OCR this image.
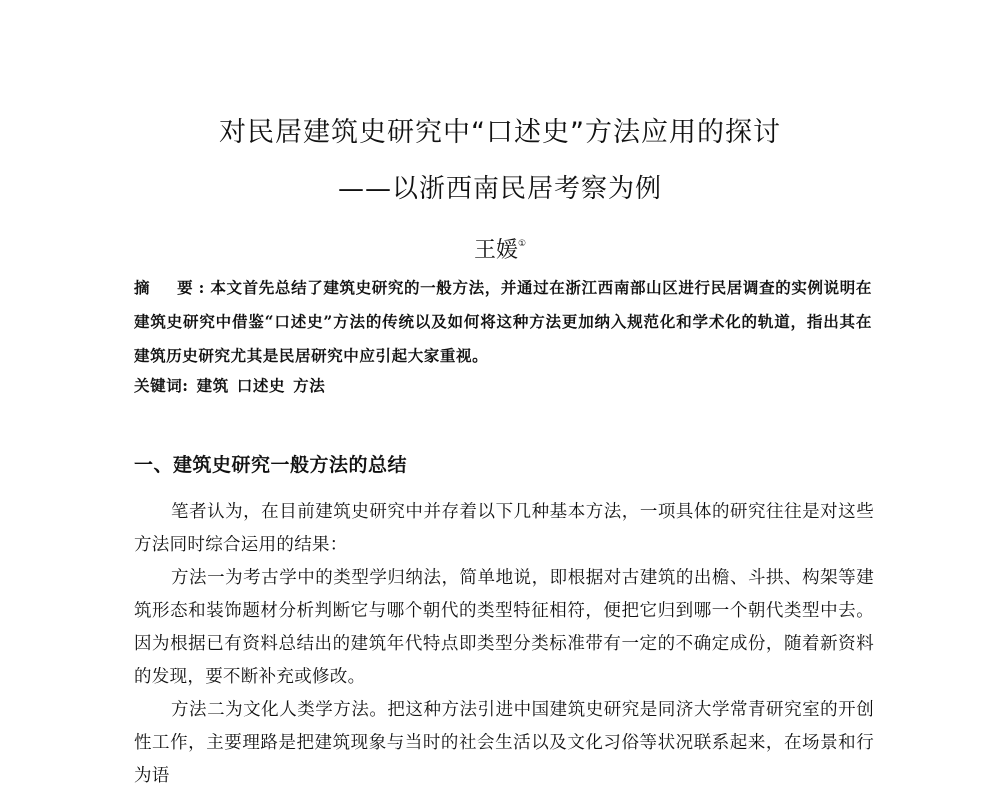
对民居建筑史研究中“口述史”方法应用的探讨
——以浙西南民居考察为例
王媛①
摘　要:本文首先总结了建筑史研究的一般方法，并通过在浙江西南部山区进行民居调查的实例说明在建筑史研究中借鉴“口述史”方法的传统以及如何将这种方法更加纳入规范化和学术化的轨道，指出其在建筑历史研究尤其是民居研究中应引起大家重视。
关键词: 建筑 口述史 方法
一、建筑史研究一般方法的总结
笔者认为，在目前建筑史研究中并存着以下几种基本方法，一项具体的研究往往是对这些方法同时综合运用的结果：
方法一为考古学中的类型学归纳法，简单地说，即根据对古建筑的出檐、斗拱、构架等建筑形态和装饰题材分析判断它与哪个朝代的类型特征相符，便把它归到哪一个朝代类型中去。因为根据已有资料总结出的建筑年代特点即类型分类标准带有一定的不确定成份，随着新资料的发现，要不断补充或修改。
方法二为文化人类学方法。把这种方法引进中国建筑史研究是同济大学常青研究室的开创性工作，主要理路是把建筑现象与当时的社会生活以及文化习俗等状况联系起来，在场景和行为语
